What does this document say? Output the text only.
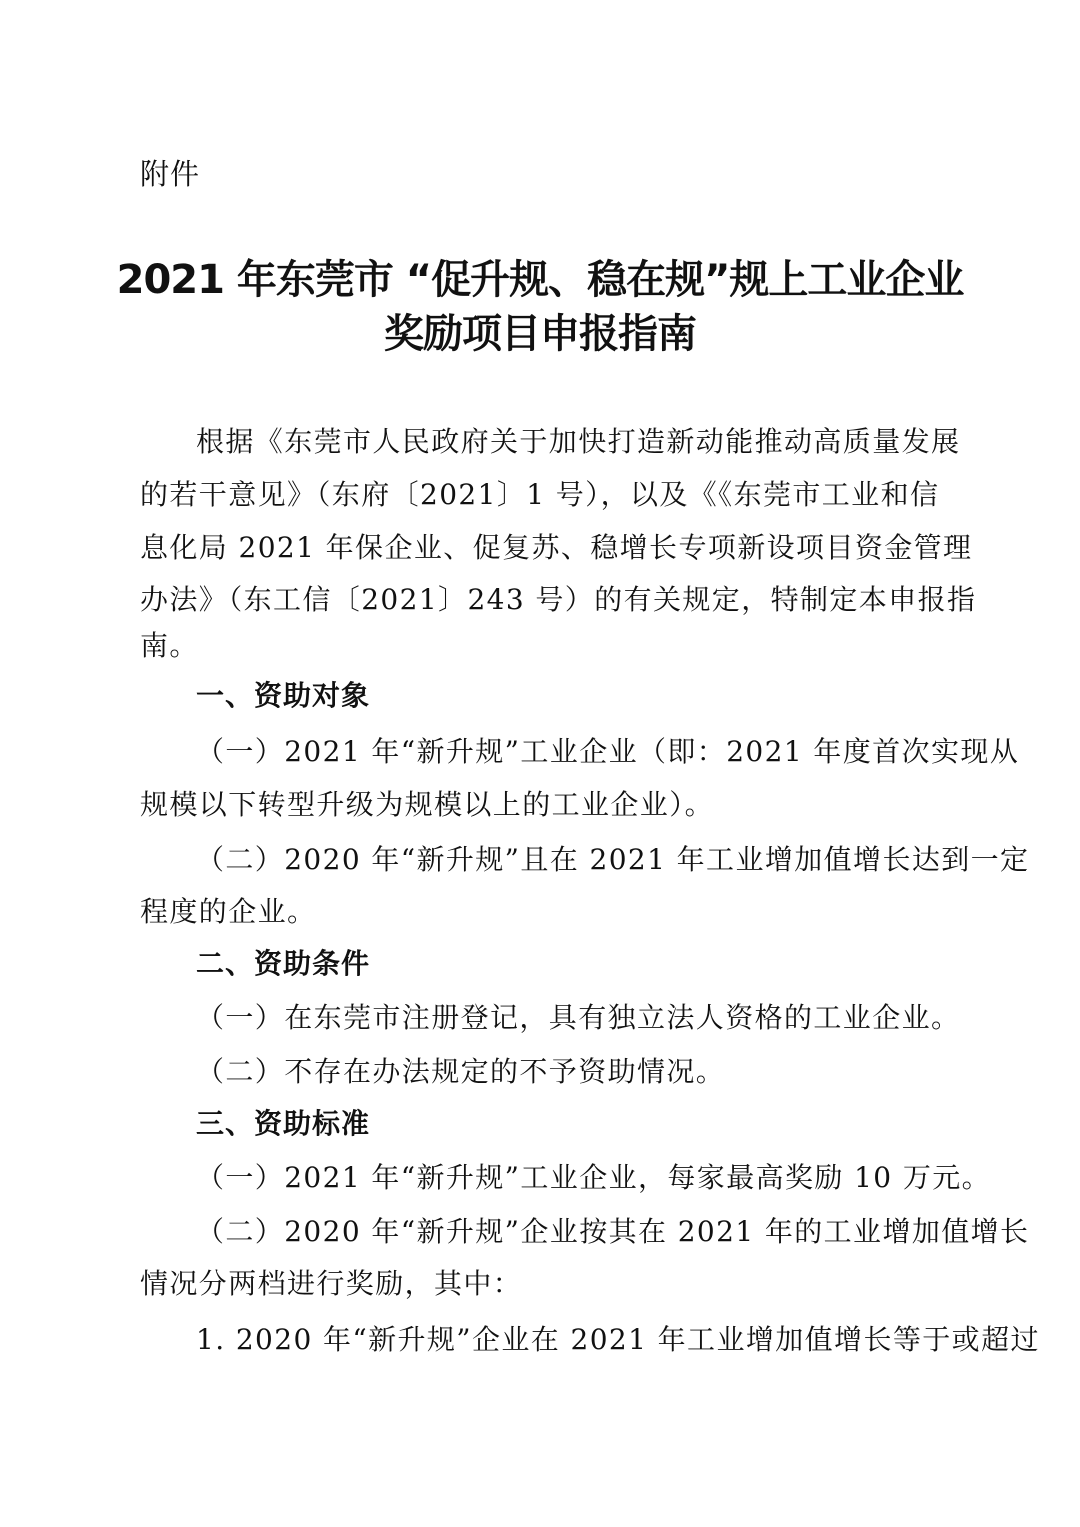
附件
2021 年东莞市 “促升规、稳在规”规上工业企业
奖励项目申报指南
根据《东莞市人民政府关于加快打造新动能推动高质量发展
的若干意见》（东府〔2021〕1 号），以及《《东莞市工业和信
息化局 2021 年保企业、促复苏、稳增长专项新设项目资金管理
办法》（东工信〔2021〕243 号）的有关规定，特制定本申报指
南。
一、资助对象
（一）2021 年“新升规”工业企业（即：2021 年度首次实现从
规模以下转型升级为规模以上的工业企业）。
（二）2020 年“新升规”且在 2021 年工业增加值增长达到一定
程度的企业。
二、资助条件
（一）在东莞市注册登记，具有独立法人资格的工业企业。
（二）不存在办法规定的不予资助情况。
三、资助标准
（一）2021 年“新升规”工业企业，每家最高奖励 10 万元。
（二）2020 年“新升规”企业按其在 2021 年的工业增加值增长
情况分两档进行奖励，其中：
1. 2020 年“新升规”企业在 2021 年工业增加值增长等于或超过
